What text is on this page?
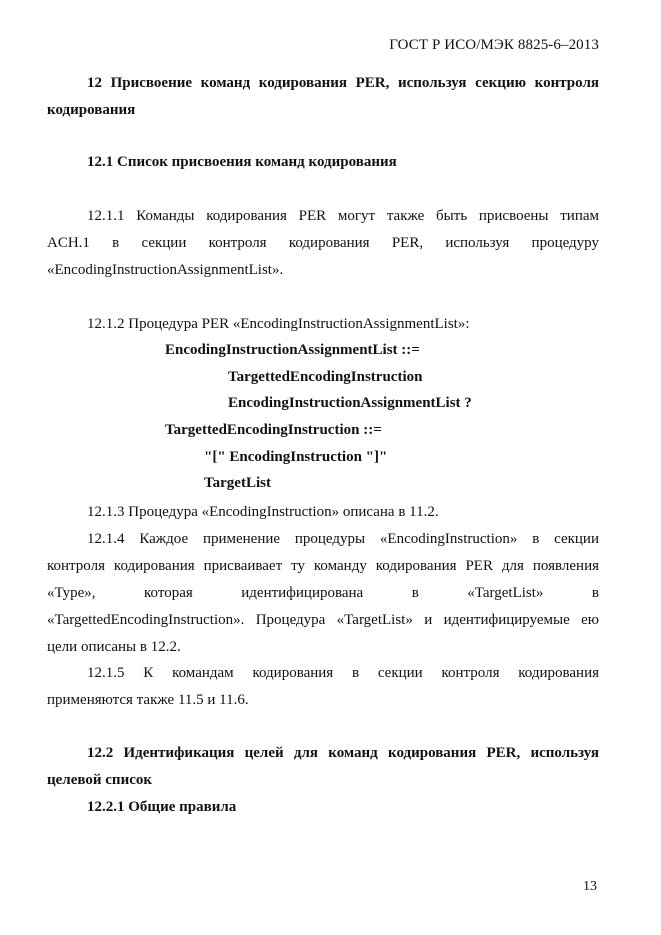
ГОСТ Р ИСО/МЭК 8825-6–2013

12 Присвоение команд кодирования PER, используя секцию контроля

кодирования

12.1 Список присвоения команд кодирования

12.1.1 Команды кодирования PER могут также быть присвоены типам

ACH.1 в секции контроля кодирования PER, используя процедуру

«EncodingInstructionAssignmentList».

12.1.2 Процедура PER «EncodingInstructionAssignmentList»:

EncodingInstructionAssignmentList ::=
TargettedEncodingInstruction
EncodingInstructionAssignmentList ?
TargettedEncodingInstruction ::=
"[" EncodingInstruction "]"
TargetList

12.1.3 Процедура «EncodingInstruction» описана в 11.2.

12.1.4 Каждое применение процедуры «EncodingInstruction» в секции

контроля кодирования присваивает ту команду кодирования PER для появления

«Type», которая идентифицирована в «TargetList» в

«TargettedEncodingInstruction». Процедура «TargetList» и идентифицируемые ею

цели описаны в 12.2.

12.1.5 К командам кодирования в секции контроля кодирования

применяются также 11.5 и 11.6.

12.2 Идентификация целей для команд кодирования PER, используя

целевой список

12.2.1 Общие правила

13
